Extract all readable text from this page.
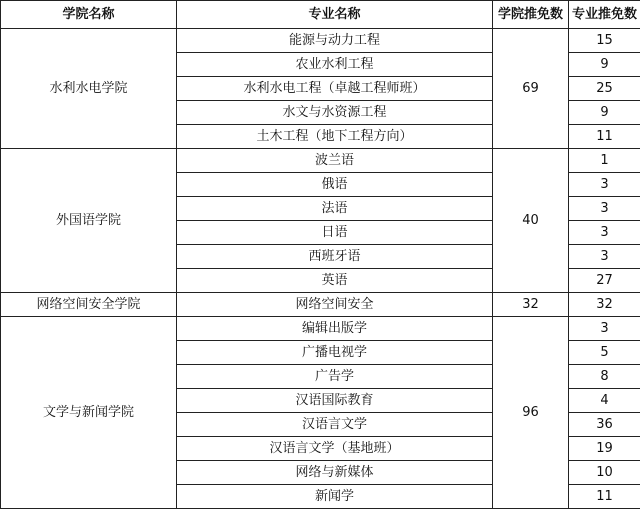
学院名称	专业名称	学院推免数	专业推免数
水利水电学院	能源与动力工程	69	15
	农业水利工程		9
	水利水电工程（卓越工程师班）		25
	水文与水资源工程		9
	土木工程（地下工程方向）		11
外国语学院	波兰语	40	1
	俄语		3
	法语		3
	日语		3
	西班牙语		3
	英语		27
网络空间安全学院	网络空间安全	32	32
文学与新闻学院	编辑出版学	96	3
	广播电视学		5
	广告学		8
	汉语国际教育		4
	汉语言文学		36
	汉语言文学（基地班）		19
	网络与新媒体		10
	新闻学		11
